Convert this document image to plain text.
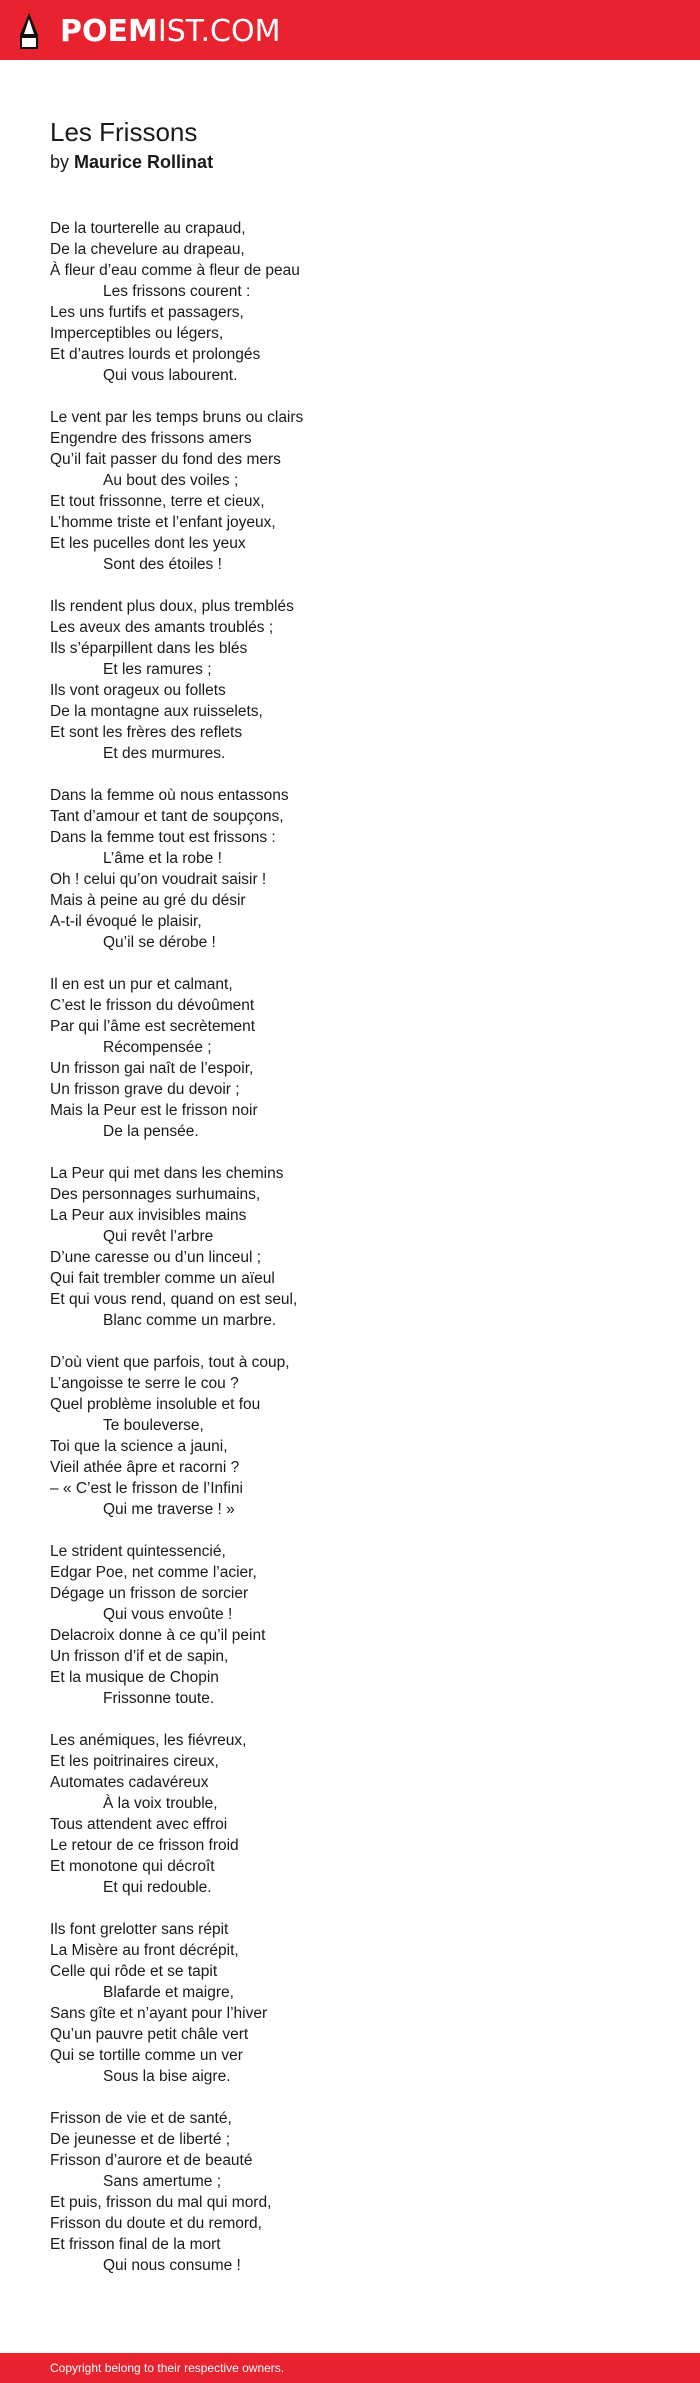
POEMIST.COM
Les Frissons
by Maurice Rollinat
De la tourterelle au crapaud,
De la chevelure au drapeau,
À fleur d’eau comme à fleur de peau
Les frissons courent :
Les uns furtifs et passagers,
Imperceptibles ou légers,
Et d’autres lourds et prolongés
Qui vous labourent.
Le vent par les temps bruns ou clairs
Engendre des frissons amers
Qu’il fait passer du fond des mers
Au bout des voiles ;
Et tout frissonne, terre et cieux,
L’homme triste et l’enfant joyeux,
Et les pucelles dont les yeux
Sont des étoiles !
Ils rendent plus doux, plus tremblés
Les aveux des amants troublés ;
Ils s’éparpillent dans les blés
Et les ramures ;
Ils vont orageux ou follets
De la montagne aux ruisselets,
Et sont les frères des reflets
Et des murmures.
Dans la femme où nous entassons
Tant d’amour et tant de soupçons,
Dans la femme tout est frissons :
L’âme et la robe !
Oh ! celui qu’on voudrait saisir !
Mais à peine au gré du désir
A-t-il évoqué le plaisir,
Qu’il se dérobe !
Il en est un pur et calmant,
C’est le frisson du dévoûment
Par qui l’âme est secrètement
Récompensée ;
Un frisson gai naît de l’espoir,
Un frisson grave du devoir ;
Mais la Peur est le frisson noir
De la pensée.
La Peur qui met dans les chemins
Des personnages surhumains,
La Peur aux invisibles mains
Qui revêt l’arbre
D’une caresse ou d’un linceul ;
Qui fait trembler comme un aïeul
Et qui vous rend, quand on est seul,
Blanc comme un marbre.
D’où vient que parfois, tout à coup,
L’angoisse te serre le cou ?
Quel problème insoluble et fou
Te bouleverse,
Toi que la science a jauni,
Vieil athée âpre et racorni ?
– « C’est le frisson de l’Infini
Qui me traverse ! »
Le strident quintessencié,
Edgar Poe, net comme l’acier,
Dégage un frisson de sorcier
Qui vous envoûte !
Delacroix donne à ce qu’il peint
Un frisson d’if et de sapin,
Et la musique de Chopin
Frissonne toute.
Les anémiques, les fiévreux,
Et les poitrinaires cireux,
Automates cadavéreux
À la voix trouble,
Tous attendent avec effroi
Le retour de ce frisson froid
Et monotone qui décroît
Et qui redouble.
Ils font grelotter sans répit
La Misère au front décrépit,
Celle qui rôde et se tapit
Blafarde et maigre,
Sans gîte et n’ayant pour l’hiver
Qu’un pauvre petit châle vert
Qui se tortille comme un ver
Sous la bise aigre.
Frisson de vie et de santé,
De jeunesse et de liberté ;
Frisson d’aurore et de beauté
Sans amertume ;
Et puis, frisson du mal qui mord,
Frisson du doute et du remord,
Et frisson final de la mort
Qui nous consume !
Copyright belong to their respective owners.
